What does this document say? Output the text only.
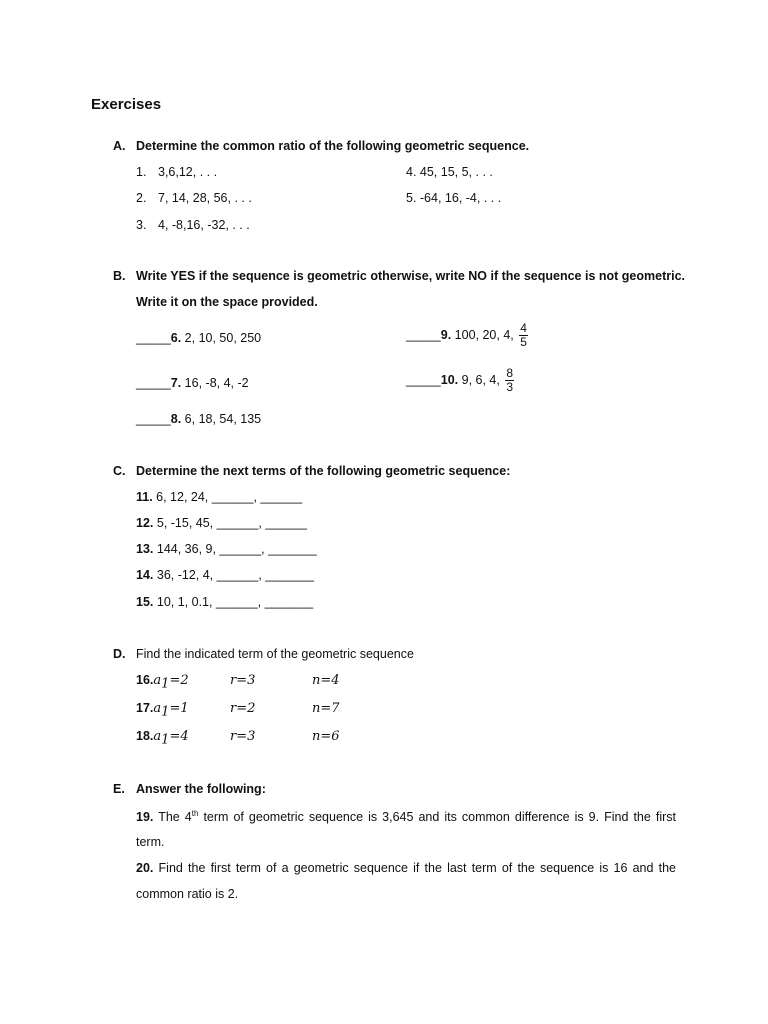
Exercises
A. Determine the common ratio of the following geometric sequence.
1. 3,6,12, . . .
2. 7, 14, 28, 56, . . .
3. 4, -8,16, -32, . . .
4. 45, 15, 5, . . .
5. -64, 16, -4, . . .
B. Write YES if the sequence is geometric otherwise, write NO if the sequence is not geometric.
Write it on the space provided.
_____6. 2, 10, 50, 250
_____7. 16, -8, 4, -2
_____8. 6, 18, 54, 135
_____9. 100, 20, 4, $\frac{4}{5}$
_____10. 9, 6, 4, $\frac{8}{3}$
C. Determine the next terms of the following geometric sequence:
11. 6, 12, 24, ______, ______
12. 5, -15, 45, ______, ______
13. 144, 36, 9, ______, _______
14. 36, -12, 4, ______, _______
15. 10, 1, 0.1, ______, _______
D. Find the indicated term of the geometric sequence
$16.a_1=2$	r=3	n=4
$17.a_1=1$	r=2	n=7
$18.a_1=4$	r=3	n=6
E. Answer the following:
19. The 4th term of geometric sequence is 3,645 and its common difference is 9. Find the first
term.
20. Find the first term of a geometric sequence if the last term of the sequence is 16 and the
common ratio is 2.
